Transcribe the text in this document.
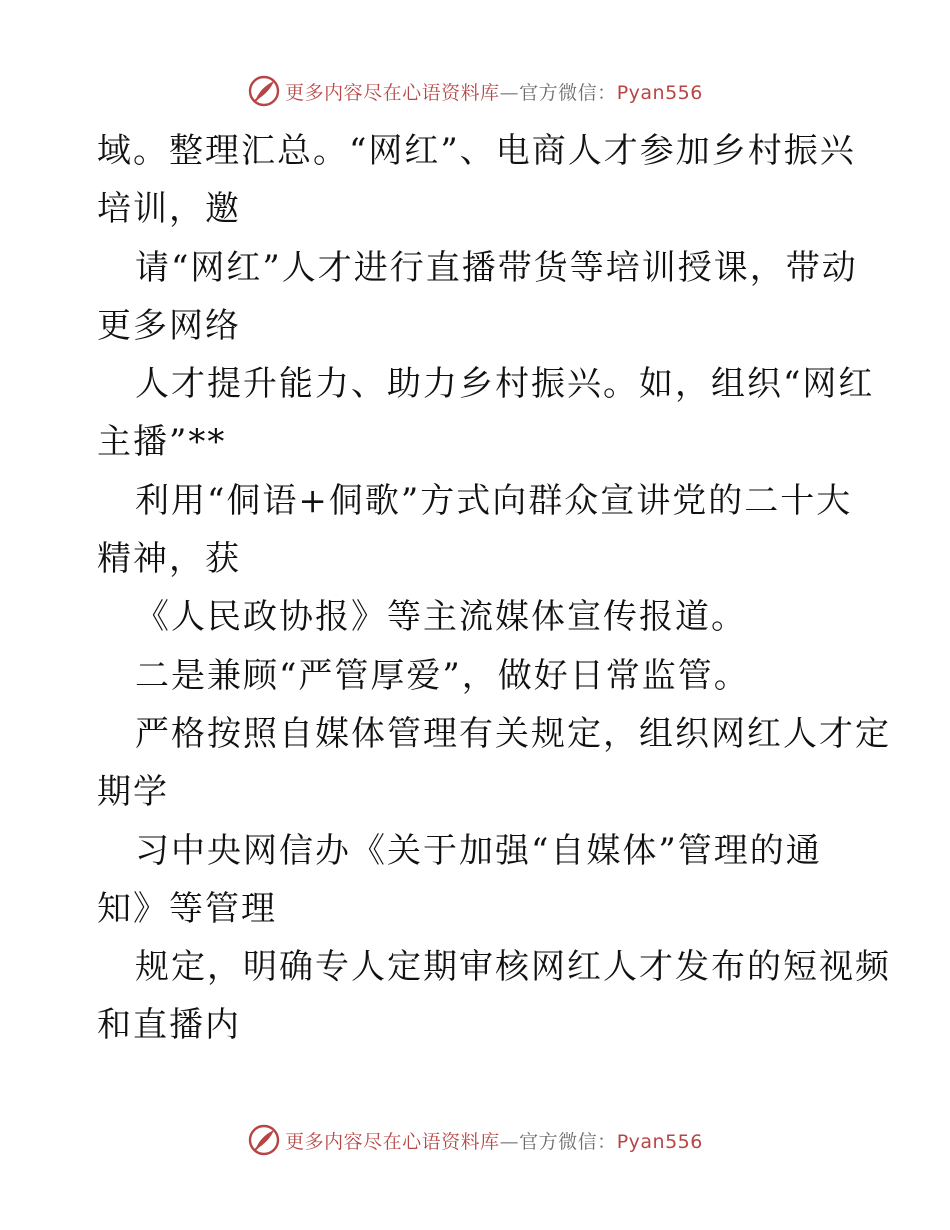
更多内容尽在心语资料库—官方微信：Pyan556
域。整理汇总。“网红”、电商人才参加乡村振兴
培训，邀
请“网红”人才进行直播带货等培训授课，带动
更多网络
人才提升能力、助力乡村振兴。如，组织“网红
主播”**
利用“侗语+侗歌”方式向群众宣讲党的二十大
精神，获
《人民政协报》等主流媒体宣传报道。
二是兼顾“严管厚爱”，做好日常监管。
严格按照自媒体管理有关规定，组织网红人才定
期学
习中央网信办《关于加强“自媒体”管理的通
知》等管理
规定，明确专人定期审核网红人才发布的短视频
和直播内
更多内容尽在心语资料库—官方微信：Pyan556
